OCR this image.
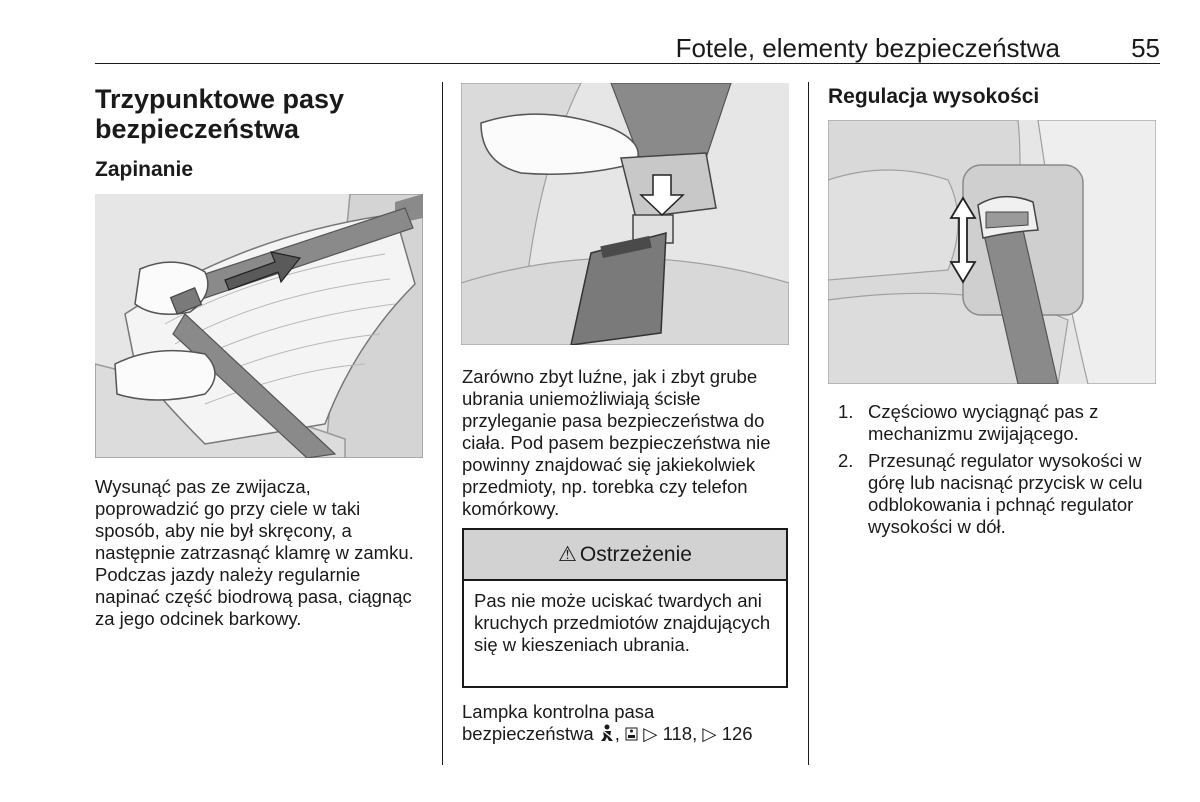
Fotele, elementy bezpieczeństwa	55
Trzypunktowe pasy bezpieczeństwa
Zapinanie
Wysunąć pas ze zwijacza, poprowadzić go przy ciele w taki sposób, aby nie był skręcony, a następnie zatrzasnąć klamrę w zamku. Podczas jazdy należy regularnie napinać część biodrową pasa, ciągnąc za jego odcinek barkowy.
Zarówno zbyt luźne, jak i zbyt grube ubrania uniemożliwiają ścisłe przyleganie pasa bezpieczeństwa do ciała. Pod pasem bezpieczeństwa nie powinny znajdować się jakiekolwiek przedmioty, np. torebka czy telefon komórkowy.
⚠ Ostrzeżenie
Pas nie może uciskać twardych ani kruchych przedmiotów znajdujących się w kieszeniach ubrania.
Lampka kontrolna pasa
bezpieczeństwa , ▷ 118, ▷ 126
Regulacja wysokości
1. Częściowo wyciągnąć pas z mechanizmu zwijającego.
2. Przesunąć regulator wysokości w górę lub nacisnąć przycisk w celu odblokowania i pchnąć regulator wysokości w dół.
